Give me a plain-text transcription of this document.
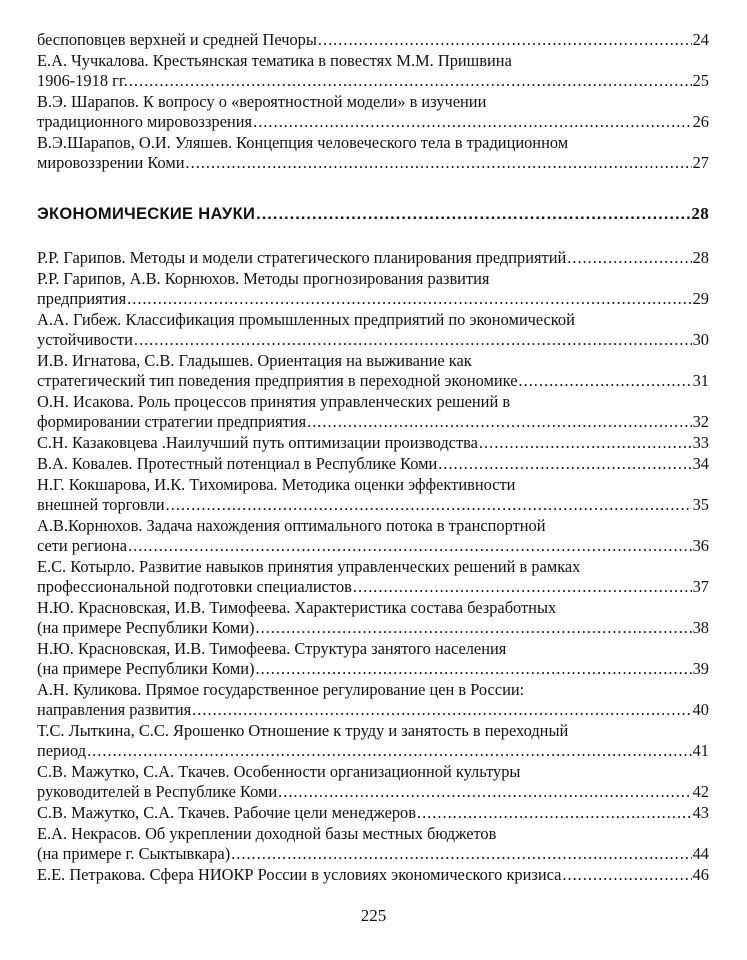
беспоповцев верхней и средней Печоры .....	24
Е.А. Чучкалова. Крестьянская тематика в повестях М.М. Пришвина
1906-1918 гг. .....	25
В.Э. Шарапов. К вопросу о «вероятностной модели» в изучении
традиционного мировоззрения .....	26
В.Э.Шарапов, О.И. Уляшев. Концепция человеческого тела в традиционном
мировоззрении Коми .....	27
ЭКОНОМИЧЕСКИЕ НАУКИ .....	28
Р.Р. Гарипов. Методы и модели стратегического планирования предприятий .....	28
Р.Р. Гарипов, А.В. Корнюхов. Методы прогнозирования развития
предприятия .....	29
А.А. Гибеж. Классификация промышленных предприятий по экономической
устойчивости .....	30
И.В. Игнатова, С.В. Гладышев. Ориентация на выживание как
стратегический тип поведения предприятия в переходной экономике .....	31
О.Н. Исакова. Роль процессов принятия управленческих решений в
формировании стратегии предприятия .....	32
С.Н. Казаковцева .Наилучший путь оптимизации производства .....	33
В.А. Ковалев. Протестный потенциал в Республике Коми .....	34
Н.Г. Кокшарова, И.К. Тихомирова. Методика оценки эффективности
внешней торговли .....	35
А.В.Корнюхов. Задача нахождения оптимального потока в транспортной
сети региона .....	36
Е.С. Котырло. Развитие навыков принятия управленческих решений в рамках
профессиональной подготовки специалистов .....	37
Н.Ю. Красновская, И.В. Тимофеева. Характеристика состава безработных
(на примере Республики Коми) .....	38
Н.Ю. Красновская, И.В. Тимофеева. Структура занятого населения
(на примере Республики Коми) .....	39
А.Н. Куликова. Прямое государственное регулирование цен в России:
направления развития .....	40
Т.С. Лыткина, С.С. Ярошенко Отношение к труду и занятость в переходный
период .....	41
С.В. Мажутко, С.А. Ткачев. Особенности организационной культуры
руководителей в Республике Коми .....	42
С.В. Мажутко, С.А. Ткачев. Рабочие цели менеджеров .....	43
Е.А. Некрасов. Об укреплении доходной базы местных бюджетов
(на примере г. Сыктывкара) .....	44
Е.Е. Петракова. Сфера НИОКР России в условиях экономического кризиса .....	46
225
